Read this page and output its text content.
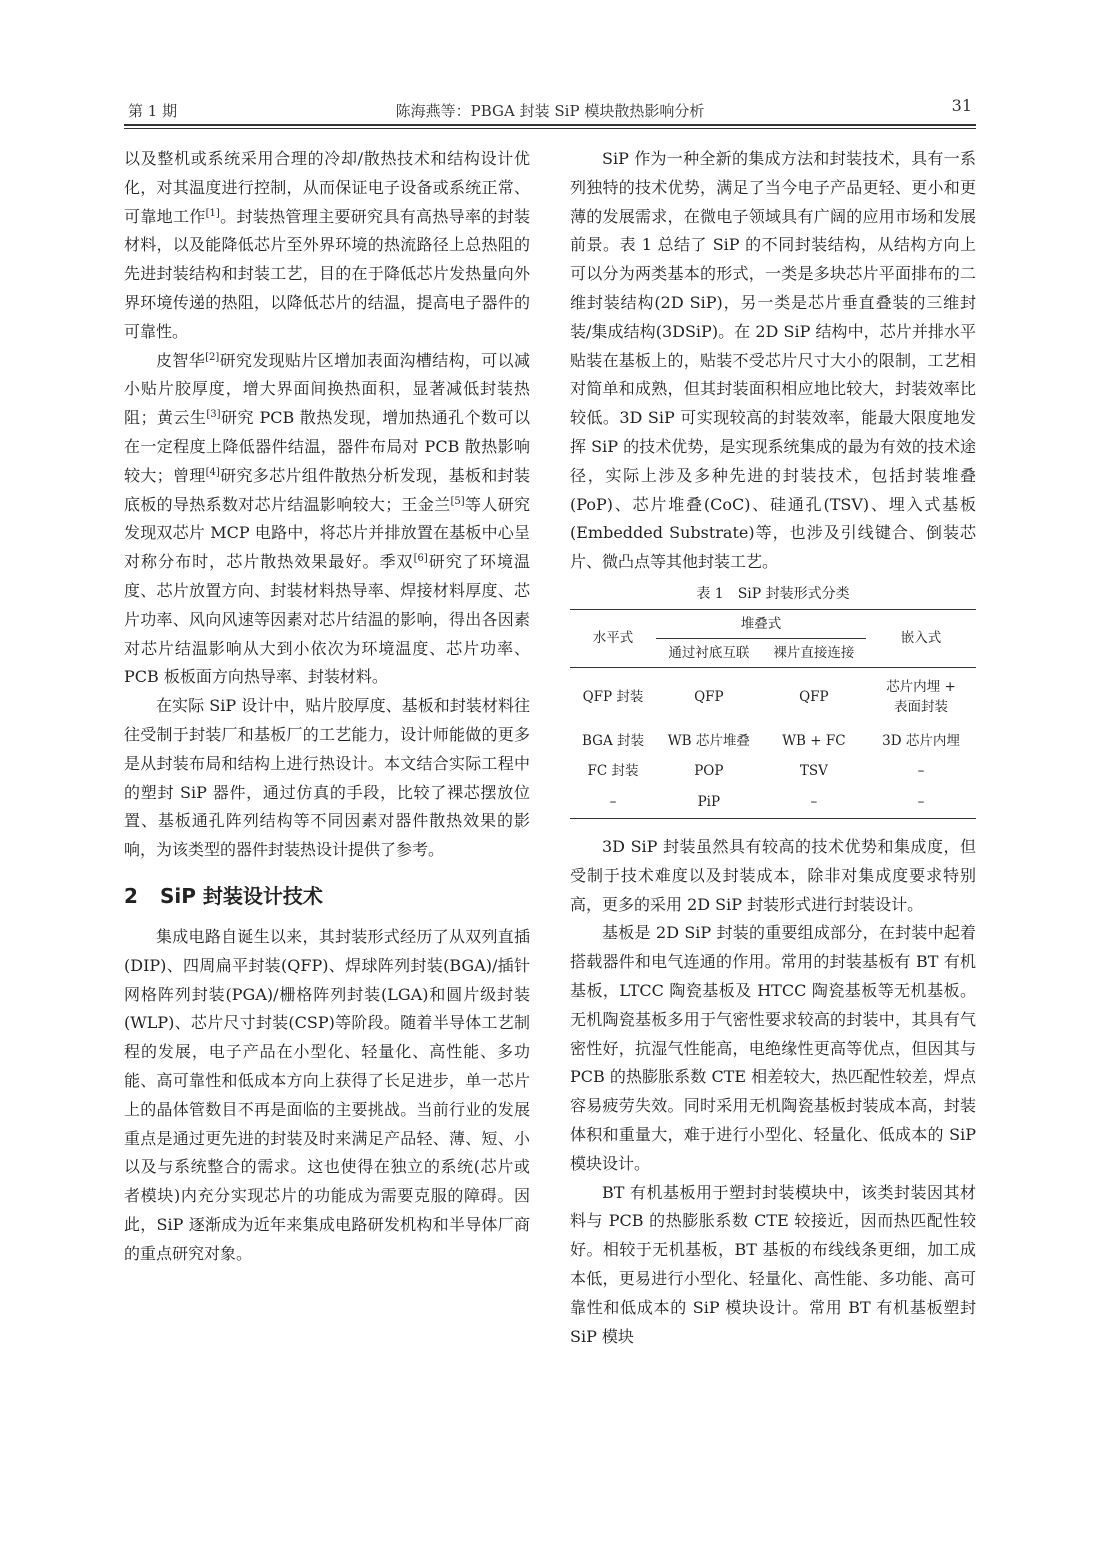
第 1 期	陈海燕等：PBGA 封装 SiP 模块散热影响分析	31

以及整机或系统采用合理的冷却/散热技术和结构设计优化，对其温度进行控制，从而保证电子设备或系统正常、可靠地工作[1]。封装热管理主要研究具有高热导率的封装材料，以及能降低芯片至外界环境的热流路径上总热阻的先进封装结构和封装工艺，目的在于降低芯片发热量向外界环境传递的热阻，以降低芯片的结温，提高电子器件的可靠性。

皮智华[2]研究发现贴片区增加表面沟槽结构，可以减小贴片胶厚度，增大界面间换热面积，显著减低封装热阻；黄云生[3]研究 PCB 散热发现，增加热通孔个数可以在一定程度上降低器件结温，器件布局对 PCB 散热影响较大；曾理[4]研究多芯片组件散热分析发现，基板和封装底板的导热系数对芯片结温影响较大；王金兰[5]等人研究发现双芯片 MCP 电路中，将芯片并排放置在基板中心呈对称分布时，芯片散热效果最好。季双[6]研究了环境温度、芯片放置方向、封装材料热导率、焊接材料厚度、芯片功率、风向风速等因素对芯片结温的影响，得出各因素对芯片结温影响从大到小依次为环境温度、芯片功率、PCB 板板面方向热导率、封装材料。

在实际 SiP 设计中，贴片胶厚度、基板和封装材料往往受制于封装厂和基板厂的工艺能力，设计师能做的更多是从封装布局和结构上进行热设计。本文结合实际工程中的塑封 SiP 器件，通过仿真的手段，比较了裸芯摆放位置、基板通孔阵列结构等不同因素对器件散热效果的影响，为该类型的器件封装热设计提供了参考。

2 SiP 封装设计技术

集成电路自诞生以来，其封装形式经历了从双列直插(DIP)、四周扁平封装(QFP)、焊球阵列封装(BGA)/插针网格阵列封装(PGA)/栅格阵列封装(LGA)和圆片级封装(WLP)、芯片尺寸封装(CSP)等阶段。随着半导体工艺制程的发展，电子产品在小型化、轻量化、高性能、多功能、高可靠性和低成本方向上获得了长足进步，单一芯片上的晶体管数目不再是面临的主要挑战。当前行业的发展重点是通过更先进的封装及时来满足产品轻、薄、短、小以及与系统整合的需求。这也使得在独立的系统(芯片或者模块)内充分实现芯片的功能成为需要克服的障碍。因此，SiP 逐渐成为近年来集成电路研发机构和半导体厂商的重点研究对象。

SiP 作为一种全新的集成方法和封装技术，具有一系列独特的技术优势，满足了当今电子产品更轻、更小和更薄的发展需求，在微电子领域具有广阔的应用市场和发展前景。表 1 总结了 SiP 的不同封装结构，从结构方向上可以分为两类基本的形式，一类是多块芯片平面排布的二维封装结构(2D SiP)，另一类是芯片垂直叠装的三维封装/集成结构(3DSiP)。在 2D SiP 结构中，芯片并排水平贴装在基板上的，贴装不受芯片尺寸大小的限制，工艺相对简单和成熟，但其封装面积相应地比较大，封装效率比较低。3D SiP 可实现较高的封装效率，能最大限度地发挥 SiP 的技术优势，是实现系统集成的最为有效的技术途径，实际上涉及多种先进的封装技术，包括封装堆叠(PoP)、芯片堆叠(CoC)、硅通孔(TSV)、埋入式基板(Embedded Substrate)等，也涉及引线键合、倒装芯片、微凸点等其他封装工艺。

表 1　SiP 封装形式分类
水平式	堆叠式		嵌入式
	通过衬底互联	裸片直接连接	
QFP 封装	QFP	QFP	芯片内埋 +
表面封装
BGA 封装	WB 芯片堆叠	WB + FC	3D 芯片内埋
FC 封装	POP	TSV	–
–	PiP	–	–

3D SiP 封装虽然具有较高的技术优势和集成度，但受制于技术难度以及封装成本，除非对集成度要求特别高，更多的采用 2D SiP 封装形式进行封装设计。

基板是 2D SiP 封装的重要组成部分，在封装中起着搭载器件和电气连通的作用。常用的封装基板有 BT 有机基板，LTCC 陶瓷基板及 HTCC 陶瓷基板等无机基板。无机陶瓷基板多用于气密性要求较高的封装中，其具有气密性好，抗湿气性能高，电绝缘性更高等优点，但因其与 PCB 的热膨胀系数 CTE 相差较大，热匹配性较差，焊点容易疲劳失效。同时采用无机陶瓷基板封装成本高，封装体积和重量大，难于进行小型化、轻量化、低成本的 SiP 模块设计。

BT 有机基板用于塑封封装模块中，该类封装因其材料与 PCB 的热膨胀系数 CTE 较接近，因而热匹配性较好。相较于无机基板，BT 基板的布线线条更细，加工成本低，更易进行小型化、轻量化、高性能、多功能、高可靠性和低成本的 SiP 模块设计。常用 BT 有机基板塑封 SiP 模块
